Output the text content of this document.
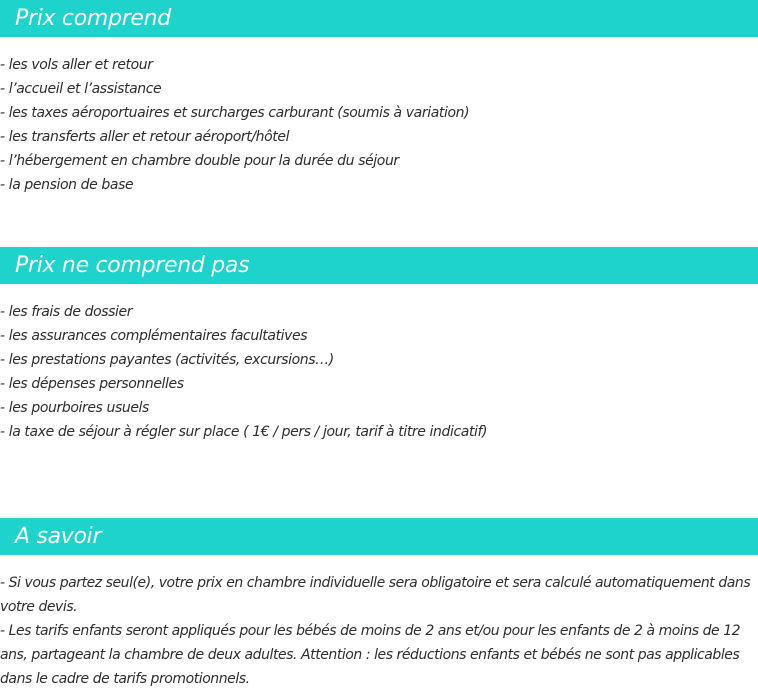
Prix comprend
- les vols aller et retour
- l’accueil et l’assistance
- les taxes aéroportuaires et surcharges carburant (soumis à variation)
- les transferts aller et retour aéroport/hôtel
- l’hébergement en chambre double pour la durée du séjour
- la pension de base
Prix ne comprend pas
- les frais de dossier
- les assurances complémentaires facultatives
- les prestations payantes (activités, excursions…)
- les dépenses personnelles
- les pourboires usuels
- la taxe de séjour à régler sur place ( 1€ / pers / jour, tarif à titre indicatif)
A savoir
- Si vous partez seul(e), votre prix en chambre individuelle sera obligatoire et sera calculé automatiquement dans votre devis.
- Les tarifs enfants seront appliqués pour les bébés de moins de 2 ans et/ou pour les enfants de 2 à moins de 12 ans, partageant la chambre de deux adultes. Attention : les réductions enfants et bébés ne sont pas applicables dans le cadre de tarifs promotionnels.
